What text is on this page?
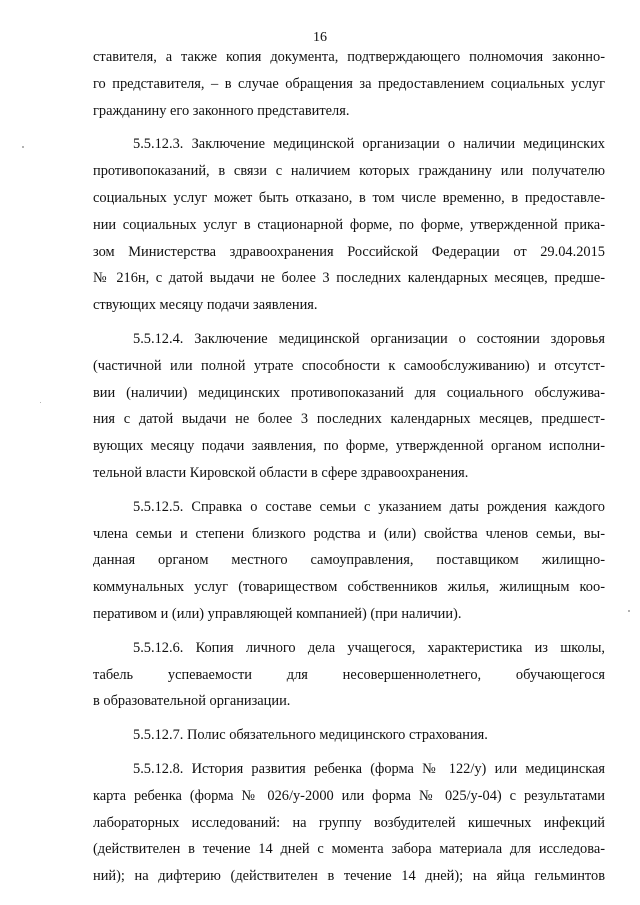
16
ставителя, а также копия документа, подтверждающего полномочия законно-
го представителя, – в случае обращения за предоставлением социальных услуг
гражданину его законного представителя.
5.5.12.3. Заключение медицинской организации о наличии медицинских
противопоказаний, в связи с наличием которых гражданину или получателю
социальных услуг может быть отказано, в том числе временно, в предоставле-
нии социальных услуг в стационарной форме, по форме, утвержденной прика-
зом Министерства здравоохранения Российской Федерации от 29.04.2015
№ 216н, с датой выдачи не более 3 последних календарных месяцев, предше-
ствующих месяцу подачи заявления.
5.5.12.4. Заключение медицинской организации о состоянии здоровья
(частичной или полной утрате способности к самообслуживанию) и отсутст-
вии (наличии) медицинских противопоказаний для социального обслужива-
ния с датой выдачи не более 3 последних календарных месяцев, предшест-
вующих месяцу подачи заявления, по форме, утвержденной органом исполни-
тельной власти Кировской области в сфере здравоохранения.
5.5.12.5. Справка о составе семьи с указанием даты рождения каждого
члена семьи и степени близкого родства и (или) свойства членов семьи, вы-
данная органом местного самоуправления, поставщиком жилищно-
коммунальных услуг (товариществом собственников жилья, жилищным коо-
перативом и (или) управляющей компанией) (при наличии).
5.5.12.6. Копия личного дела учащегося, характеристика из школы,
табель успеваемости для несовершеннолетнего, обучающегося
в образовательной организации.
5.5.12.7. Полис обязательного медицинского страхования.
5.5.12.8. История развития ребенка (форма № 122/у) или медицинская
карта ребенка (форма № 026/у-2000 или форма № 025/у-04) с результатами
лабораторных исследований: на группу возбудителей кишечных инфекций
(действителен в течение 14 дней с момента забора материала для исследова-
ний); на дифтерию (действителен в течение 14 дней); на яйца гельминтов
